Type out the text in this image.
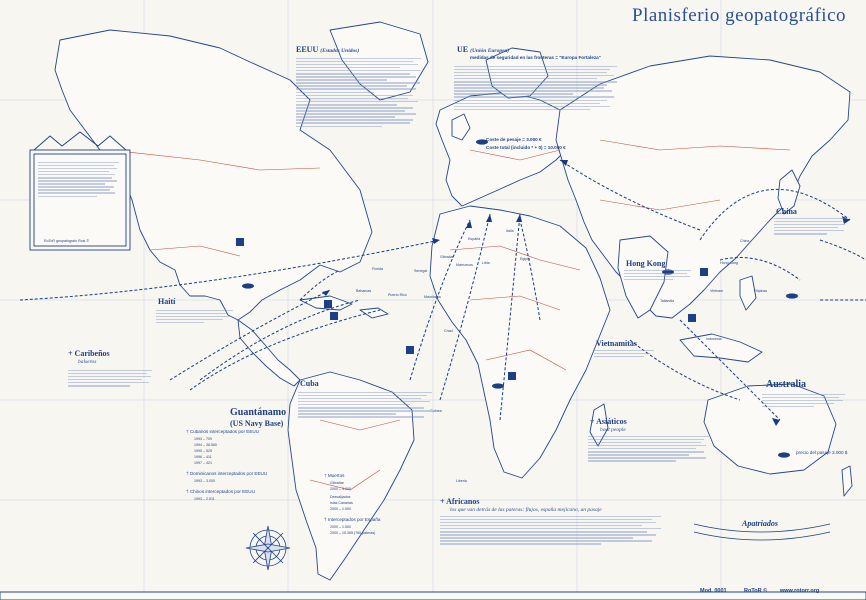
Planisferio geopatográfico
EEUU (Estados Unidos)	UE (Unión Europea)
medidas de seguridad en las fronteras = "Europa Fortaleza"
Coste de pesaje = 3.000 €
Coste total (incluido * + 0) = 10.000 €
Haití
Cuba
+ Caribeños
balseros
Guantánamo
(US Navy Base)
† Cubanos interceptados por EEUU
1993 – 709
1994 – 38.560
1995 – 525
1996 – 411
1997 – 421
† Dominicanos interceptados por EEUU
1993 – 3.000
† Chinos interceptados por EEUU
1993 – 2.511
† Muertos
Gibraltar
2000 – 3.000
Desvalijados
Islas Canarias
2000 – 1.500
† Interceptados por España
2000 – 1.500
2000 – 15.365 (780 pateras)
+ Asiáticos
boat people
+ Africanos
los que van detrás de las pateras: flujos, españa mejicano, un pasaje
China
Hong Kong
Vietnamitas
Australia
precio del pasaje 3.000 $
RoToR geopatógrafo Rosi ©
Florida	Senegal
Gibraltar
España
Marruecos	Libia
Italia
Egipto
Bahamas
Puerto Rico	Mauritania
Chad
Guinea
Liberia
China
Hong Kong
Vietnam
Tailandia
Filipinas
Indonesia
Apatriados
Mod. 0001	RoToR © www.rotorr.org
